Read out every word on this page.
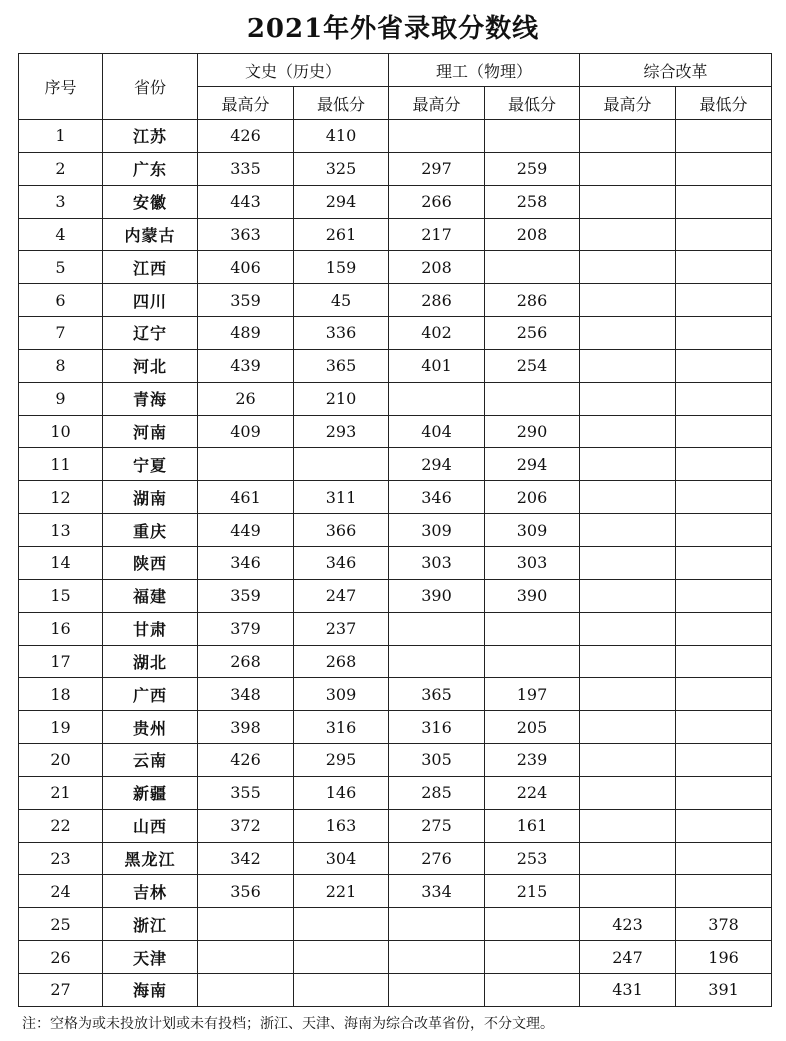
2021年外省录取分数线
序号	省份	文史（历史）		理工（物理）		综合改革	
		最高分	最低分	最高分	最低分	最高分	最低分
1	江苏	426	410				
2	广东	335	325	297	259		
3	安徽	443	294	266	258		
4	内蒙古	363	261	217	208		
5	江西	406	159	208			
6	四川	359	45	286	286		
7	辽宁	489	336	402	256		
8	河北	439	365	401	254		
9	青海	26	210				
10	河南	409	293	404	290		
11	宁夏			294	294		
12	湖南	461	311	346	206		
13	重庆	449	366	309	309		
14	陕西	346	346	303	303		
15	福建	359	247	390	390		
16	甘肃	379	237				
17	湖北	268	268				
18	广西	348	309	365	197		
19	贵州	398	316	316	205		
20	云南	426	295	305	239		
21	新疆	355	146	285	224		
22	山西	372	163	275	161		
23	黑龙江	342	304	276	253		
24	吉林	356	221	334	215		
25	浙江					423	378
26	天津					247	196
27	海南					431	391
注：空格为或未投放计划或未有投档；浙江、天津、海南为综合改革省份，不分文理。
